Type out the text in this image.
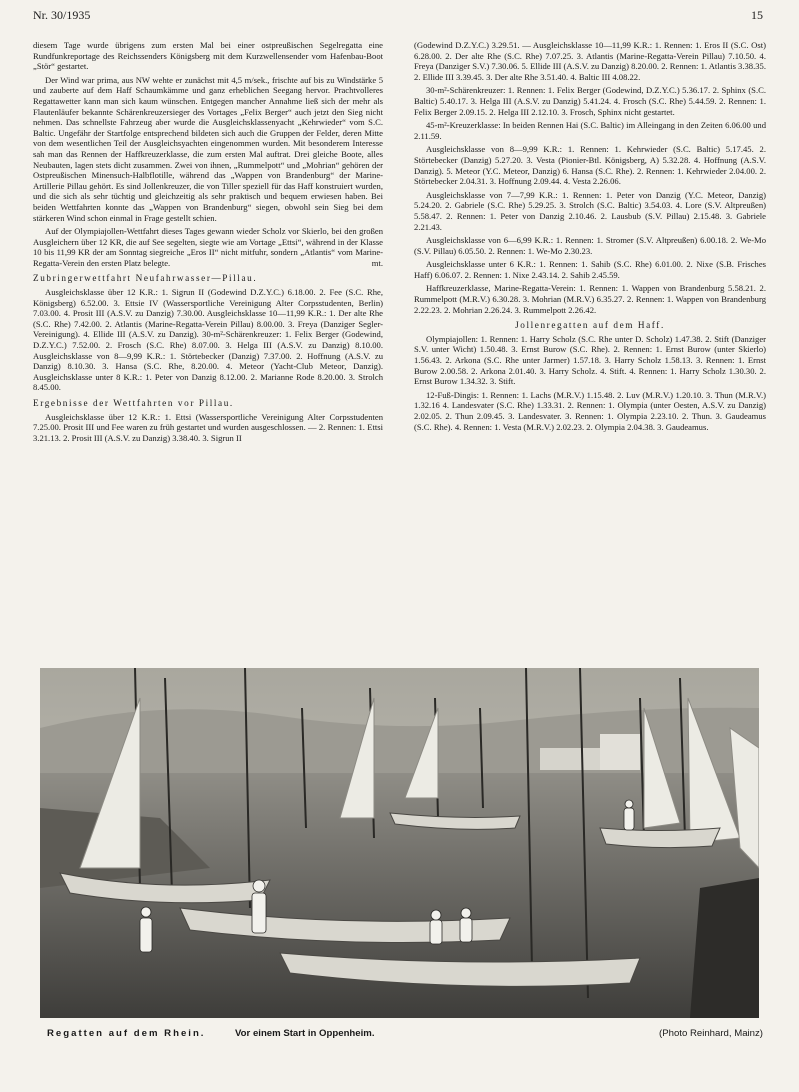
Nr. 30/1935	15

diesem Tage wurde übrigens zum ersten Mal bei einer ostpreußischen Segelregatta eine Rundfunkreportage des Reichssenders Königsberg mit dem Kurzwellensender vom Hafenbau-Boot „Stör“ gestartet.

Der Wind war prima, aus NW wehte er zunächst mit 4,5 m/sek., frischte auf bis zu Windstärke 5 und zauberte auf dem Haff Schaumkämme und ganz erheblichen Seegang hervor. Prachtvolleres Regattawetter kann man sich kaum wünschen. Entgegen mancher Annahme ließ sich der mehr als Flautenläufer bekannte Schärenkreuzersieger des Vortages „Felix Berger“ auch jetzt den Sieg nicht nehmen. Das schnellste Fahrzeug aber wurde die Ausgleichsklassenyacht „Kehrwieder“ vom S.C. Baltic. Ungefähr der Startfolge entsprechend bildeten sich auch die Gruppen der Felder, deren Mitte von dem wesentlichen Teil der Ausgleichsyachten eingenommen wurden. Mit besonderem Interesse sah man das Rennen der Haffkreuzerklasse, die zum ersten Mal auftrat. Drei gleiche Boote, alles Neubauten, lagen stets dicht zusammen. Zwei von ihnen, „Rummelpott“ und „Mohrian“ gehören der Ostpreußischen Minensuch-Halbflotille, während das „Wappen von Brandenburg“ der Marine-Artillerie Pillau gehört. Es sind Jollenkreuzer, die von Tiller speziell für das Haff konstruiert wurden, und die sich als sehr tüchtig und gleichzeitig als sehr praktisch und bequem erwiesen haben. Bei beiden Wettfahrten konnte das „Wappen von Brandenburg“ siegen, obwohl sein Sieg bei dem stärkeren Wind schon einmal in Frage gestellt schien.

Auf der Olympiajollen-Wettfahrt dieses Tages gewann wieder Scholz vor Skierlo, bei den großen Ausgleichern über 12 KR, die auf See segelten, siegte wie am Vortage „Ettsi“, während in der Klasse 10 bis 11,99 KR der am Sonntag siegreiche „Eros II“ nicht mitfuhr, sondern „Atlantis“ vom Marine-Regatta-Verein den ersten Platz belegte.	mt.

Zubringerwettfahrt Neufahrwasser—Pillau.

Ausgleichsklasse über 12 K.R.: 1. Sigrun II (Godewind D.Z.Y.C.) 6.18.00. 2. Fee (S.C. Rhe, Königsberg) 6.52.00. 3. Ettsie IV (Wassersportliche Vereinigung Alter Corpsstudenten, Berlin) 7.03.00. 4. Prosit III (A.S.V. zu Danzig) 7.30.00. Ausgleichsklasse 10—11,99 K.R.: 1. Der alte Rhe (S.C. Rhe) 7.42.00. 2. Atlantis (Marine-Regatta-Verein Pillau) 8.00.00. 3. Freya (Danziger Segler-Vereinigung). 4. Ellide III (A.S.V. zu Danzig). 30-m²-Schärenkreuzer: 1. Felix Berger (Godewind, D.Z.Y.C.) 7.52.00. 2. Frosch (S.C. Rhe) 8.07.00. 3. Helga III (A.S.V. zu Danzig) 8.10.00. Ausgleichsklasse von 8—9,99 K.R.: 1. Störtebecker (Danzig) 7.37.00. 2. Hoffnung (A.S.V. zu Danzig) 8.10.30. 3. Hansa (S.C. Rhe, 8.20.00. 4. Meteor (Yacht-Club Meteor, Danzig). Ausgleichsklasse unter 8 K.R.: 1. Peter von Danzig 8.12.00. 2. Marianne Rode 8.20.00. 3. Strolch 8.45.00.

Ergebnisse der Wettfahrten vor Pillau.

Ausgleichsklasse über 12 K.R.: 1. Ettsi (Wassersportliche Vereinigung Alter Corpsstudenten 7.25.00. Prosit III und Fee waren zu früh gestartet und wurden ausgeschlossen. — 2. Rennen: 1. Ettsi 3.21.13. 2. Prosit III (A.S.V. zu Danzig) 3.38.40. 3. Sigrun II

(Godewind D.Z.Y.C.) 3.29.51. — Ausgleichsklasse 10—11,99 K.R.: 1. Rennen: 1. Eros II (S.C. Ost) 6.28.00. 2. Der alte Rhe (S.C. Rhe) 7.07.25. 3. Atlantis (Marine-Regatta-Verein Pillau) 7.10.50. 4. Freya (Danziger S.V.) 7.30.06. 5. Ellide III (A.S.V. zu Danzig) 8.20.00. 2. Rennen: 1. Atlantis 3.38.35. 2. Ellide III 3.39.45. 3. Der alte Rhe 3.51.40. 4. Baltic III 4.08.22.

30-m²-Schärenkreuzer: 1. Rennen: 1. Felix Berger (Godewind, D.Z.Y.C.) 5.36.17. 2. Sphinx (S.C. Baltic) 5.40.17. 3. Helga III (A.S.V. zu Danzig) 5.41.24. 4. Frosch (S.C. Rhe) 5.44.59. 2. Rennen: 1. Felix Berger 2.09.15. 2. Helga III 2.12.10. 3. Frosch, Sphinx nicht gestartet.

45-m²-Kreuzerklasse: In beiden Rennen Hai (S.C. Baltic) im Alleingang in den Zeiten 6.06.00 und 2.11.59.

Ausgleichsklasse von 8—9,99 K.R.: 1. Rennen: 1. Kehrwieder (S.C. Baltic) 5.17.45. 2. Störtebecker (Danzig) 5.27.20. 3. Vesta (Pionier-Btl. Königsberg, A) 5.32.28. 4. Hoffnung (A.S.V. Danzig). 5. Meteor (Y.C. Meteor, Danzig) 6. Hansa (S.C. Rhe). 2. Rennen: 1. Kehrwieder 2.04.00. 2. Störtebecker 2.04.31. 3. Hoffnung 2.09.44. 4. Vesta 2.26.06.

Ausgleichsklasse von 7—7,99 K.R.: 1. Rennen: 1. Peter von Danzig (Y.C. Meteor, Danzig) 5.24.20. 2. Gabriele (S.C. Rhe) 5.29.25. 3. Strolch (S.C. Baltic) 3.54.03. 4. Lore (S.V. Altpreußen) 5.58.47. 2. Rennen: 1. Peter von Danzig 2.10.46. 2. Lausbub (S.V. Pillau) 2.15.48. 3. Gabriele 2.21.43.

Ausgleichsklasse von 6—6,99 K.R.: 1. Rennen: 1. Stromer (S.V. Altpreußen) 6.00.18. 2. We-Mo (S.V. Pillau) 6.05.50. 2. Rennen: 1. We-Mo 2.30.23.

Ausgleichsklasse unter 6 K.R.: 1. Rennen: 1. Sahib (S.C. Rhe) 6.01.00. 2. Nixe (S.B. Frisches Haff) 6.06.07. 2. Rennen: 1. Nixe 2.43.14. 2. Sahib 2.45.59.

Haffkreuzerklasse, Marine-Regatta-Verein: 1. Rennen: 1. Wappen von Brandenburg 5.58.21. 2. Rummelpott (M.R.V.) 6.30.28. 3. Mohrian (M.R.V.) 6.35.27. 2. Rennen: 1. Wappen von Brandenburg 2.22.23. 2. Mohrian 2.26.24. 3. Rummelpott 2.26.42.

Jollenregatten auf dem Haff.

Olympiajollen: 1. Rennen: 1. Harry Scholz (S.C. Rhe unter D. Scholz) 1.47.38. 2. Stift (Danziger S.V. unter Wicht) 1.50.48. 3. Ernst Burow (S.C. Rhe). 2. Rennen: 1. Ernst Burow (unter Skierlo) 1.56.43. 2. Arkona (S.C. Rhe unter Jarmer) 1.57.18. 3. Harry Scholz 1.58.13. 3. Rennen: 1. Ernst Burow 2.00.58. 2. Arkona 2.01.40. 3. Harry Scholz. 4. Stift. 4. Rennen: 1. Harry Scholz 1.30.30. 2. Ernst Burow 1.34.32. 3. Stift.

12-Fuß-Dingis: 1. Rennen: 1. Lachs (M.R.V.) 1.15.48. 2. Luv (M.R.V.) 1.20.10. 3. Thun (M.R.V.) 1.32.16 4. Landesvater (S.C. Rhe) 1.33.31. 2. Rennen: 1. Olympia (unter Oesten, A.S.V. zu Danzig) 2.02.05. 2. Thun 2.09.45. 3. Landesvater. 3. Rennen: 1. Olympia 2.23.10. 2. Thun. 3. Gaudeamus (S.C. Rhe). 4. Rennen: 1. Vesta (M.R.V.) 2.02.23. 2. Olympia 2.04.38. 3. Gaudeamus.

Regatten auf dem Rhein.	Vor einem Start in Oppenheim.	(Photo Reinhard, Mainz)
